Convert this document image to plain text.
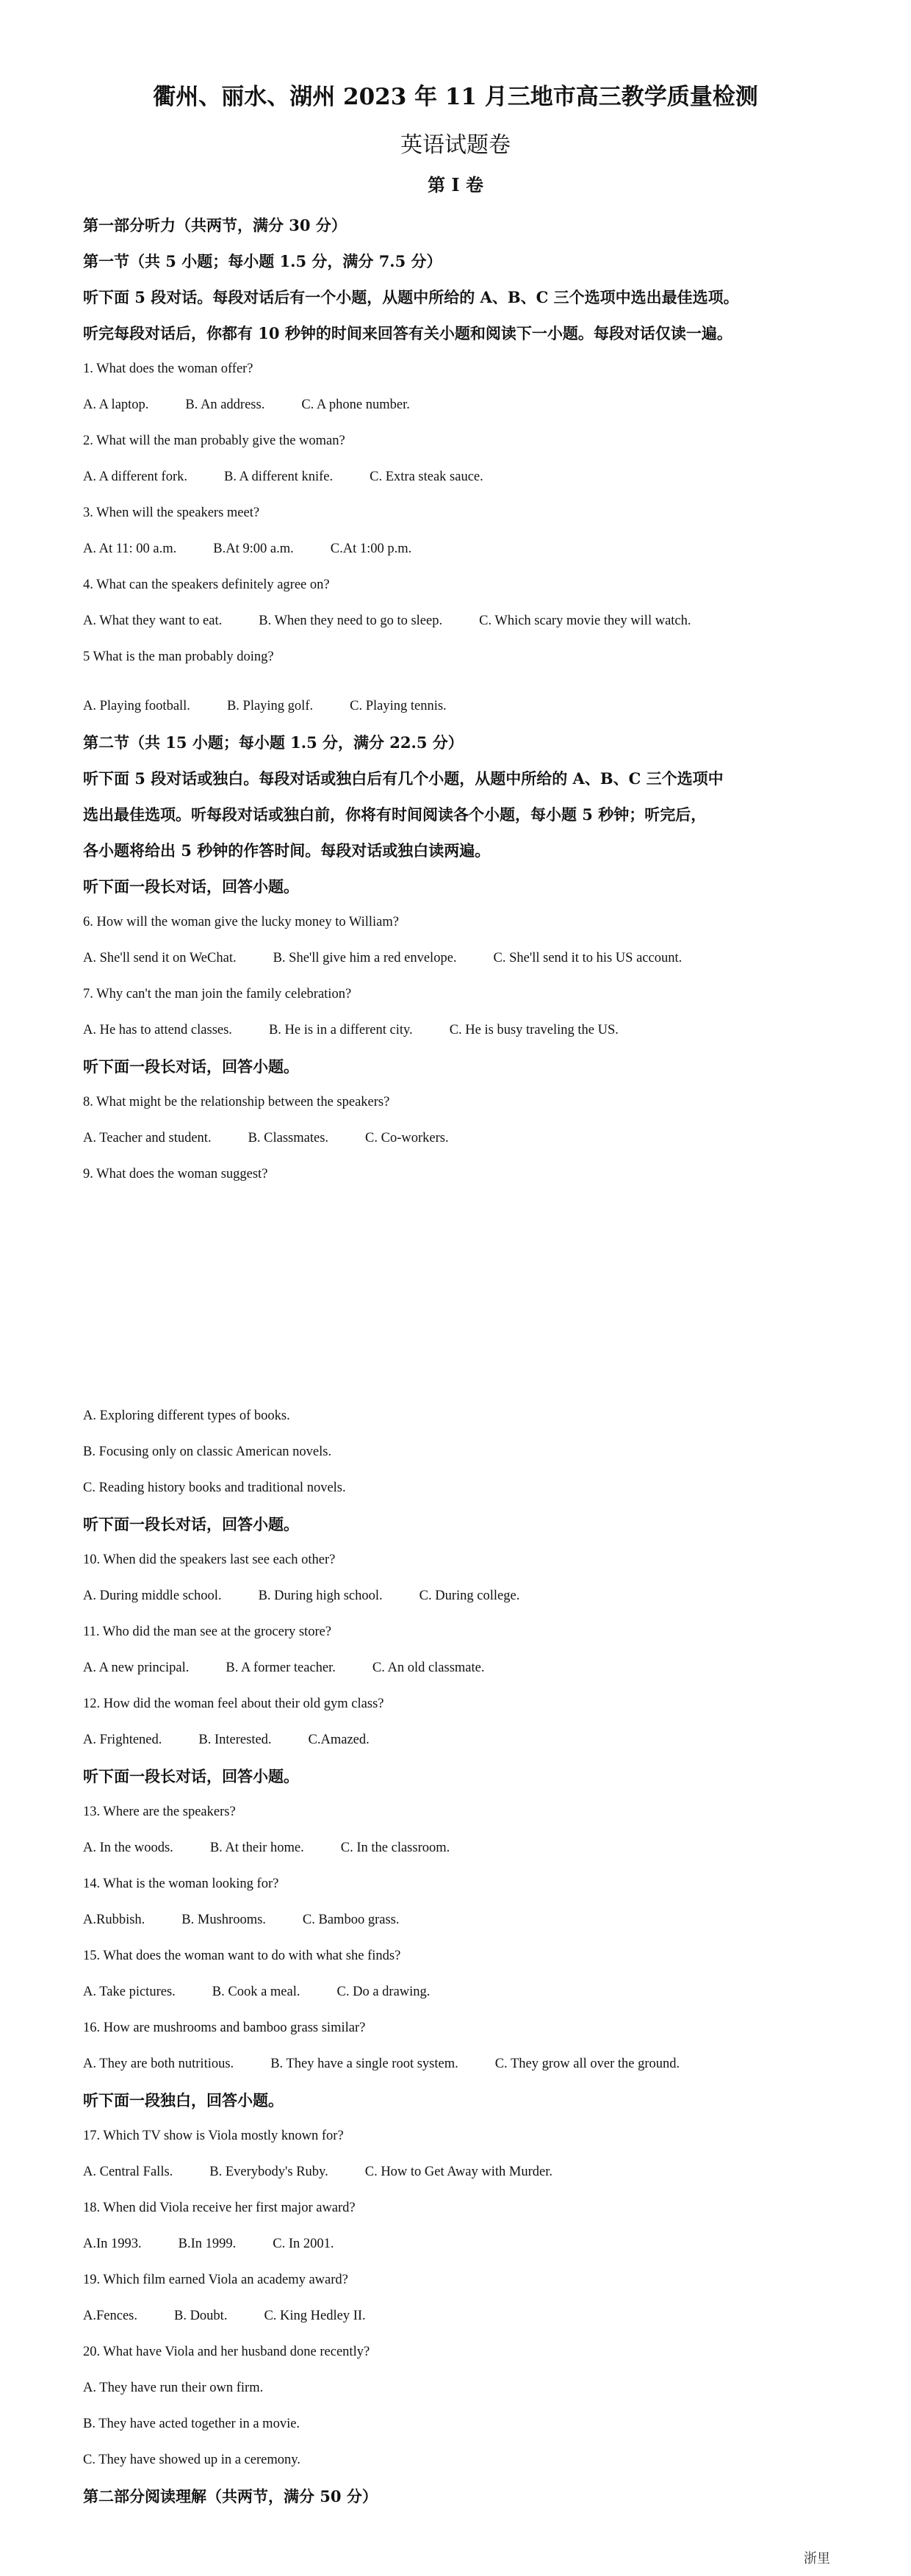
衢州、丽水、湖州 2023 年 11 月三地市高三教学质量检测
英语试题卷
第 I 卷
第一部分听力（共两节，满分 30 分）
第一节（共 5 小题；每小题 1.5 分，满分 7.5 分）
听下面 5 段对话。每段对话后有一个小题，从题中所给的 A、B、C 三个选项中选出最佳选项。
听完每段对话后，你都有 10 秒钟的时间来回答有关小题和阅读下一小题。每段对话仅读一遍。
1. What does the woman offer?
A. A laptop.	B. An address.	C. A phone number.
2. What will the man probably give the woman?
A. A different fork.	B. A different knife.	C. Extra steak sauce.
3. When will the speakers meet?
A. At 11: 00 a.m.	B.At 9:00 a.m.	C.At 1:00 p.m.
4. What can the speakers definitely agree on?
A. What they want to eat.	B. When they need to go to sleep.	C. Which scary movie they will watch.
5 What is the man probably doing?
A. Playing football.	B. Playing golf.	C. Playing tennis.
第二节（共 15 小题；每小题 1.5 分，满分 22.5 分）
听下面 5 段对话或独白。每段对话或独白后有几个小题，从题中所给的 A、B、C 三个选项中
选出最佳选项。听每段对话或独白前，你将有时间阅读各个小题，每小题 5 秒钟；听完后，
各小题将给出 5 秒钟的作答时间。每段对话或独白读两遍。
听下面一段长对话，回答小题。
6. How will the woman give the lucky money to William?
A. She'll send it on WeChat.	B. She'll give him a red envelope.	C. She'll send it to his US account.
7. Why can't the man join the family celebration?
A. He has to attend classes.	B. He is in a different city.	C. He is busy traveling the US.
听下面一段长对话，回答小题。
8. What might be the relationship between the speakers?
A. Teacher and student.	B. Classmates.	C. Co-workers.
9. What does the woman suggest?
A. Exploring different types of books.
B. Focusing only on classic American novels.
C. Reading history books and traditional novels.
听下面一段长对话，回答小题。
10. When did the speakers last see each other?
A. During middle school.	B. During high school.	C. During college.
11. Who did the man see at the grocery store?
A. A new principal.	B. A former teacher.	C. An old classmate.
12. How did the woman feel about their old gym class?
A. Frightened.	B. Interested.	C.Amazed.
听下面一段长对话，回答小题。
13. Where are the speakers?
A. In the woods.	B. At their home.	C. In the classroom.
14. What is the woman looking for?
A.Rubbish.	B. Mushrooms.	C. Bamboo grass.
15. What does the woman want to do with what she finds?
A. Take pictures.	B. Cook a meal.	C. Do a drawing.
16. How are mushrooms and bamboo grass similar?
A. They are both nutritious.	B. They have a single root system.	C. They grow all over the ground.
听下面一段独白，回答小题。
17. Which TV show is Viola mostly known for?
A. Central Falls.	B. Everybody's Ruby.	C. How to Get Away with Murder.
18. When did Viola receive her first major award?
A.In 1993.	B.In 1999.	C. In 2001.
19. Which film earned Viola an academy award?
A.Fences.	B. Doubt.	C. King Hedley II.
20. What have Viola and her husband done recently?
A. They have run their own firm.
B. They have acted together in a movie.
C. They have showed up in a ceremony.
第二部分阅读理解（共两节，满分 50 分）
浙里
